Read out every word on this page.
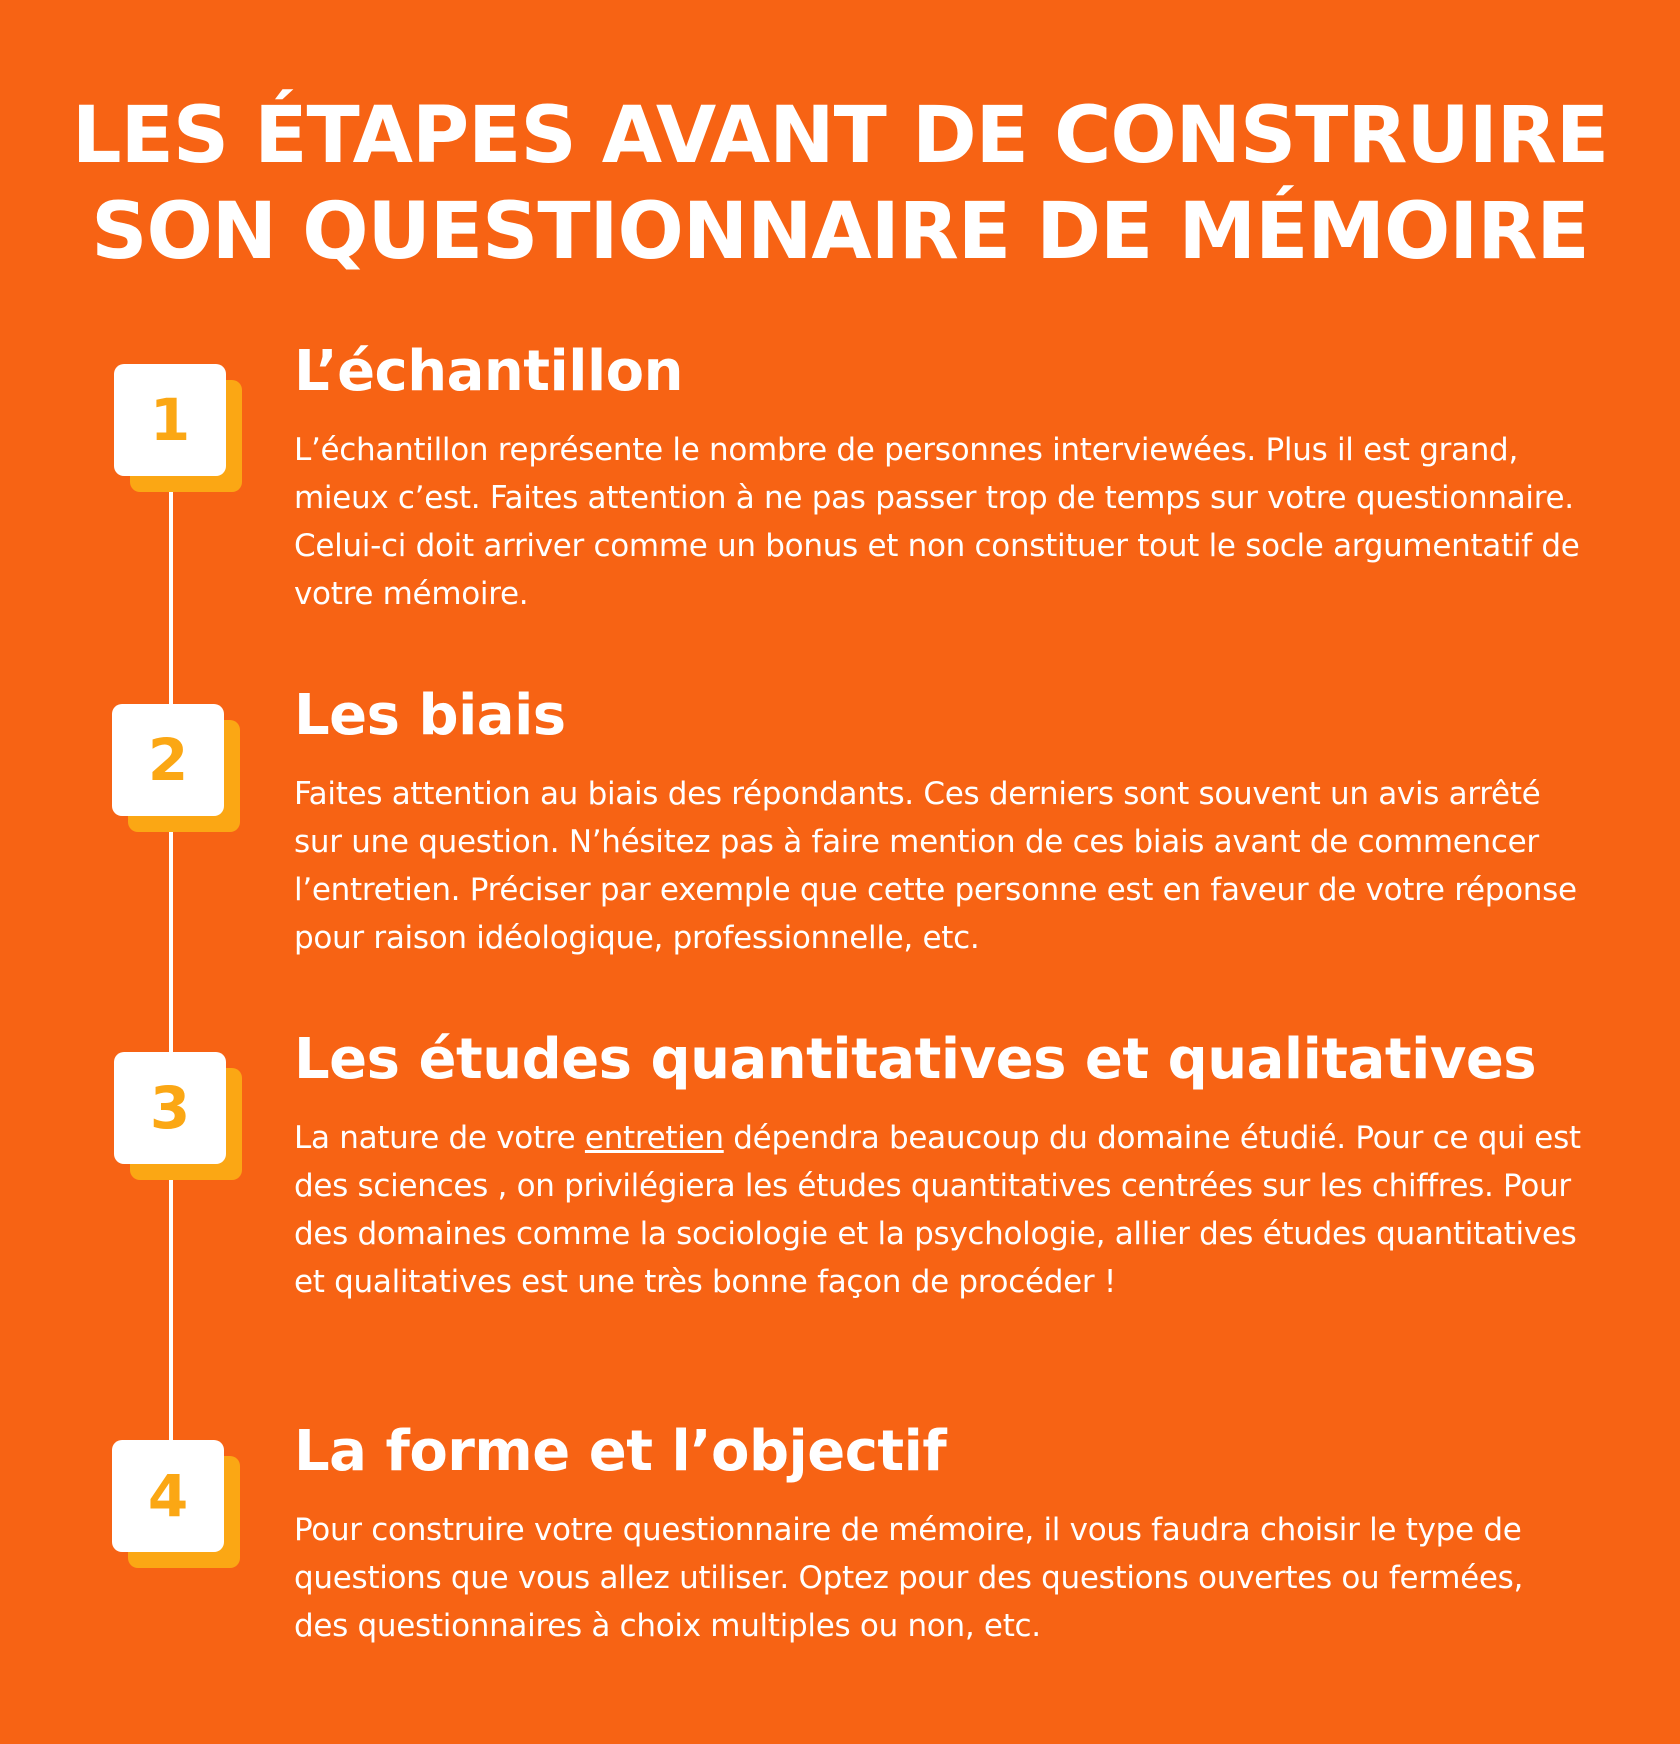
LES ÉTAPES AVANT DE CONSTRUIRE
SON QUESTIONNAIRE DE MÉMOIRE
1
L’échantillon
L’échantillon représente le nombre de personnes interviewées. Plus il est grand, mieux c’est. Faites attention à ne pas passer trop de temps sur votre questionnaire. Celui-ci doit arriver comme un bonus et non constituer tout le socle argumentatif de votre mémoire.
2
Les biais
Faites attention au biais des répondants. Ces derniers sont souvent un avis arrêté sur une question. N’hésitez pas à faire mention de ces biais avant de commencer l’entretien. Préciser par exemple que cette personne est en faveur de votre réponse pour raison idéologique, professionnelle, etc.
3
Les études quantitatives et qualitatives
La nature de votre entretien dépendra beaucoup du domaine étudié. Pour ce qui est des sciences , on privilégiera les études quantitatives centrées sur les chiffres. Pour des domaines comme la sociologie et la psychologie, allier des études quantitatives et qualitatives est une très bonne façon de procéder !
4
La forme et l’objectif
Pour construire votre questionnaire de mémoire, il vous faudra choisir le type de questions que vous allez utiliser. Optez pour des questions ouvertes ou fermées, des questionnaires à choix multiples ou non, etc.
